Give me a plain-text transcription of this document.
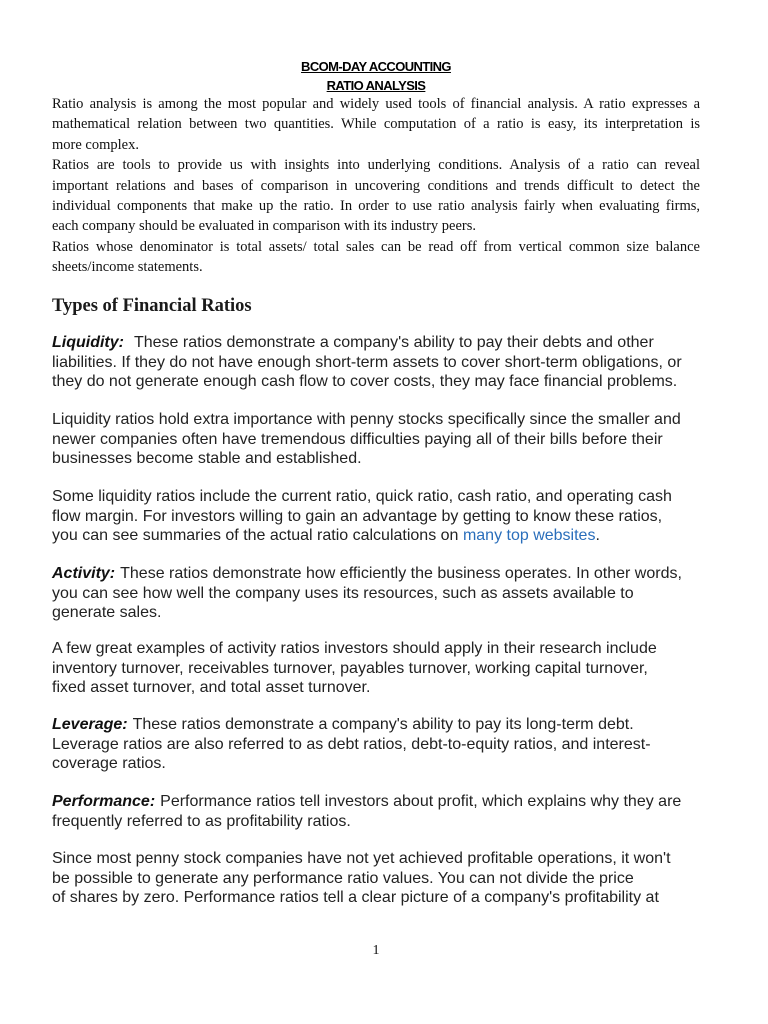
BCOM-DAY ACCOUNTING
RATIO ANALYSIS
Ratio analysis is among the most popular and widely used tools of financial analysis. A ratio expresses a
mathematical relation between two quantities. While computation of a ratio is easy, its interpretation is
more complex.
Ratios are tools to provide us with insights into underlying conditions. Analysis of a ratio can reveal
important relations and bases of comparison in uncovering conditions and trends difficult to detect the
individual components that make up the ratio. In order to use ratio analysis fairly when evaluating firms,
each company should be evaluated in comparison with its industry peers.
Ratios whose denominator is total assets/ total sales can be read off from vertical common size balance
sheets/income statements.
Types of Financial Ratios
Liquidity: These ratios demonstrate a company's ability to pay their debts and other
liabilities. If they do not have enough short-term assets to cover short-term obligations, or
they do not generate enough cash flow to cover costs, they may face financial problems.
Liquidity ratios hold extra importance with penny stocks specifically since the smaller and
newer companies often have tremendous difficulties paying all of their bills before their
businesses become stable and established.
Some liquidity ratios include the current ratio, quick ratio, cash ratio, and operating cash
flow margin. For investors willing to gain an advantage by getting to know these ratios,
you can see summaries of the actual ratio calculations on many top websites.
Activity: These ratios demonstrate how efficiently the business operates. In other words,
you can see how well the company uses its resources, such as assets available to
generate sales.
A few great examples of activity ratios investors should apply in their research include
inventory turnover, receivables turnover, payables turnover, working capital turnover,
fixed asset turnover, and total asset turnover.
Leverage: These ratios demonstrate a company's ability to pay its long-term debt.
Leverage ratios are also referred to as debt ratios, debt-to-equity ratios, and interest-
coverage ratios.
Performance: Performance ratios tell investors about profit, which explains why they are
frequently referred to as profitability ratios.
Since most penny stock companies have not yet achieved profitable operations, it won't
be possible to generate any performance ratio values. You can not divide the price
of shares by zero. Performance ratios tell a clear picture of a company's profitability at
1
